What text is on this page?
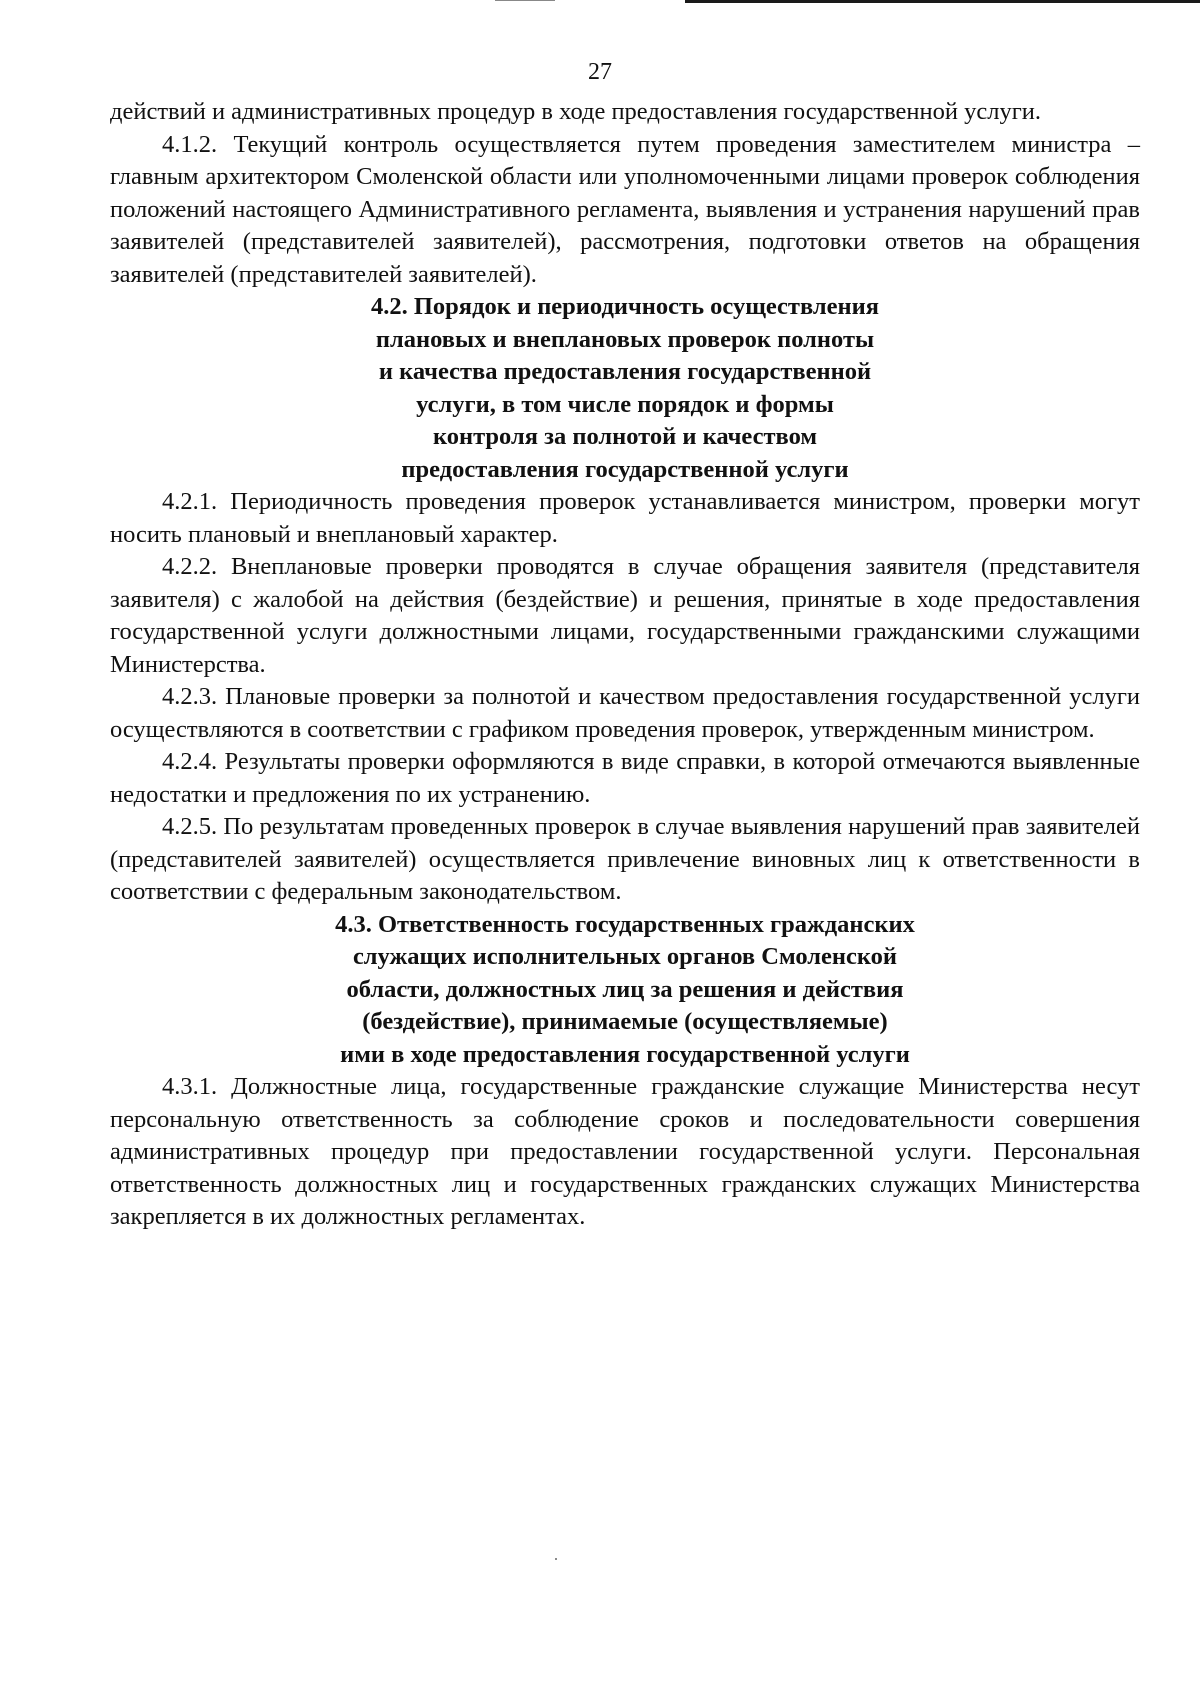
27

действий и административных процедур в ходе предоставления государственной услуги.

4.1.2. Текущий контроль осуществляется путем проведения заместителем министра – главным архитектором Смоленской области или уполномоченными лицами проверок соблюдения положений настоящего Административного регламента, выявления и устранения нарушений прав заявителей (представителей заявителей), рассмотрения, подготовки ответов на обращения заявителей (представителей заявителей).

4.2. Порядок и периодичность осуществления
плановых и внеплановых проверок полноты
и качества предоставления государственной
услуги, в том числе порядок и формы
контроля за полнотой и качеством
предоставления государственной услуги

4.2.1. Периодичность проведения проверок устанавливается министром, проверки могут носить плановый и внеплановый характер.

4.2.2. Внеплановые проверки проводятся в случае обращения заявителя (представителя заявителя) с жалобой на действия (бездействие) и решения, принятые в ходе предоставления государственной услуги должностными лицами, государственными гражданскими служащими Министерства.

4.2.3. Плановые проверки за полнотой и качеством предоставления государственной услуги осуществляются в соответствии с графиком проведения проверок, утвержденным министром.

4.2.4. Результаты проверки оформляются в виде справки, в которой отмечаются выявленные недостатки и предложения по их устранению.

4.2.5. По результатам проведенных проверок в случае выявления нарушений прав заявителей (представителей заявителей) осуществляется привлечение виновных лиц к ответственности в соответствии с федеральным законодательством.

4.3. Ответственность государственных гражданских
служащих исполнительных органов Смоленской
области, должностных лиц за решения и действия
(бездействие), принимаемые (осуществляемые)
ими в ходе предоставления государственной услуги

4.3.1. Должностные лица, государственные гражданские служащие Министерства несут персональную ответственность за соблюдение сроков и последовательности совершения административных процедур при предоставлении государственной услуги. Персональная ответственность должностных лиц и государственных гражданских служащих Министерства закрепляется в их должностных регламентах.
